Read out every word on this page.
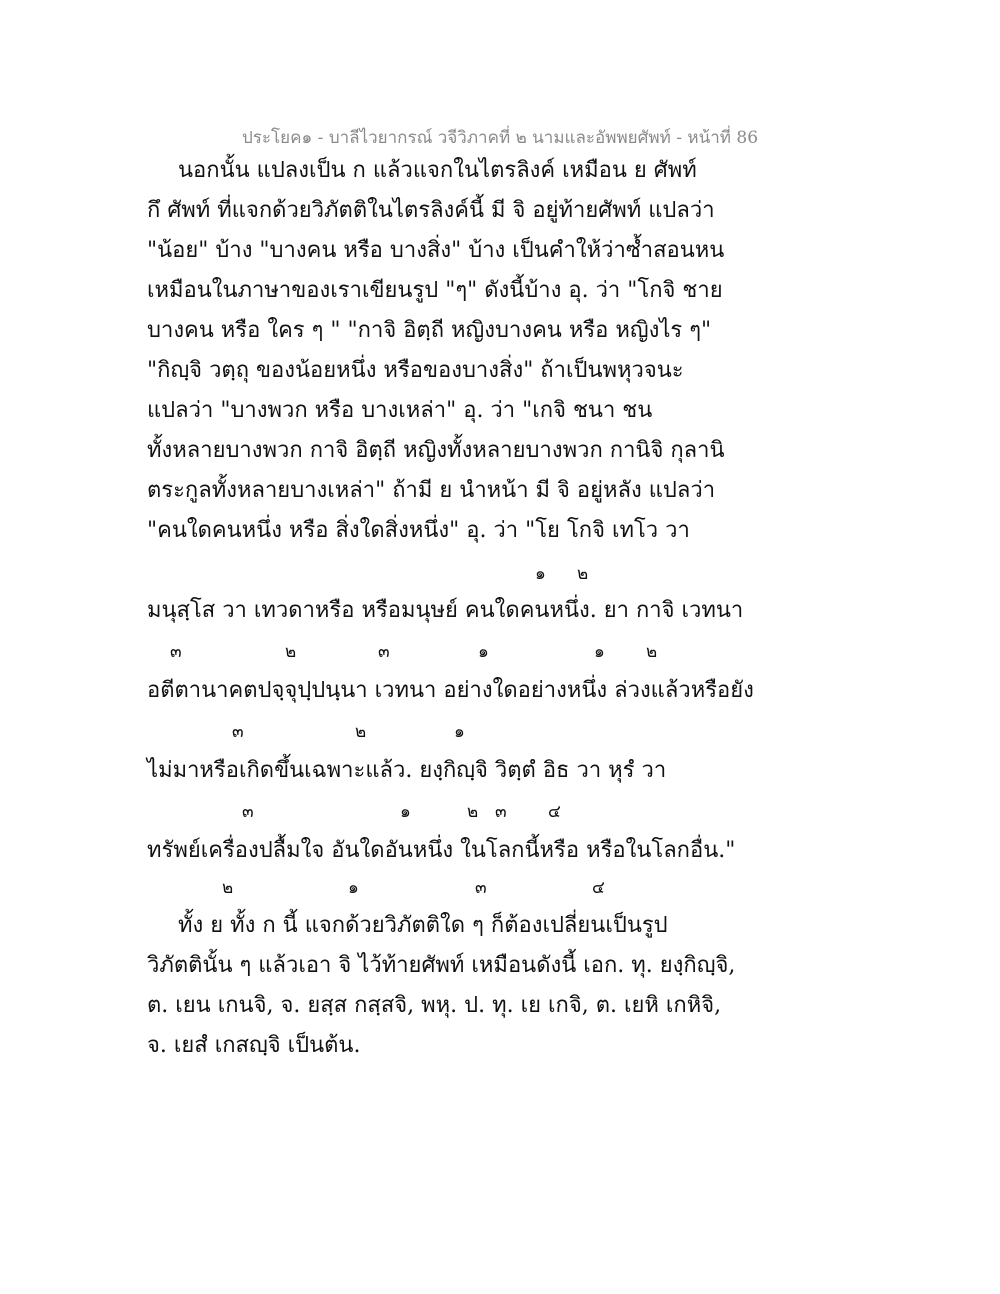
ประโยค๑ - บาลีไวยากรณ์ วจีวิภาคที่ ๒ นามและอัพพยศัพท์ - หน้าที่ 86
นอกนั้น แปลงเป็น ก แล้วแจกในไตรลิงค์ เหมือน ย ศัพท์
กึ ศัพท์ ที่แจกด้วยวิภัตติในไตรลิงค์นี้ มี จิ อยู่ท้ายศัพท์ แปลว่า
"น้อย" บ้าง "บางคน หรือ บางสิ่ง" บ้าง เป็นคำให้ว่าซ้ำสอนหน
เหมือนในภาษาของเราเขียนรูป "ๆ" ดังนี้บ้าง อุ. ว่า "โกจิ ชาย
บางคน หรือ ใคร ๆ " "กาจิ อิตฺถี หญิงบางคน หรือ หญิงไร ๆ"
"กิญฺจิ วตฺถุ ของน้อยหนึ่ง หรือของบางสิ่ง" ถ้าเป็นพหุวจนะ
แปลว่า "บางพวก หรือ บางเหล่า" อุ. ว่า "เกจิ ชนา ชน
ทั้งหลายบางพวก กาจิ อิตฺถี หญิงทั้งหลายบางพวก กานิจิ กุลานิ
ตระกูลทั้งหลายบางเหล่า" ถ้ามี ย นำหน้า มี จิ อยู่หลัง แปลว่า
"คนใดคนหนึ่ง หรือ สิ่งใดสิ่งหนึ่ง" อุ. ว่า "โย โกจิ เทโว วา
๑ ๒
มนุสฺโส วา เทวดาหรือ หรือมนุษย์ คนใดคนหนึ่ง. ยา กาจิ เวทนา
๓	๒	๓	๑	๑ ๒
อตีตานาคตปจฺจุปฺปนฺนา เวทนา อย่างใดอย่างหนึ่ง ล่วงแล้วหรือยัง
๓	๒	๑
ไม่มาหรือเกิดขึ้นเฉพาะแล้ว. ยงฺกิญฺจิ วิตฺตํ อิธ วา หุรํ วา
๓	๑	๒ ๓ ๔
ทรัพย์เครื่องปลื้มใจ อันใดอันหนึ่ง ในโลกนี้หรือ หรือในโลกอื่น."
๒	๑	๓	๔
ทั้ง ย ทั้ง ก นี้ แจกด้วยวิภัตติใด ๆ ก็ต้องเปลี่ยนเป็นรูป
วิภัตตินั้น ๆ แล้วเอา จิ ไว้ท้ายศัพท์ เหมือนดังนี้ เอก. ทุ. ยงฺกิญฺจิ,
ต. เยน เกนจิ, จ. ยสฺส กสฺสจิ, พหุ. ป. ทุ. เย เกจิ, ต. เยหิ เกหิจิ,
จ. เยสํ เกสญฺจิ เป็นต้น.
